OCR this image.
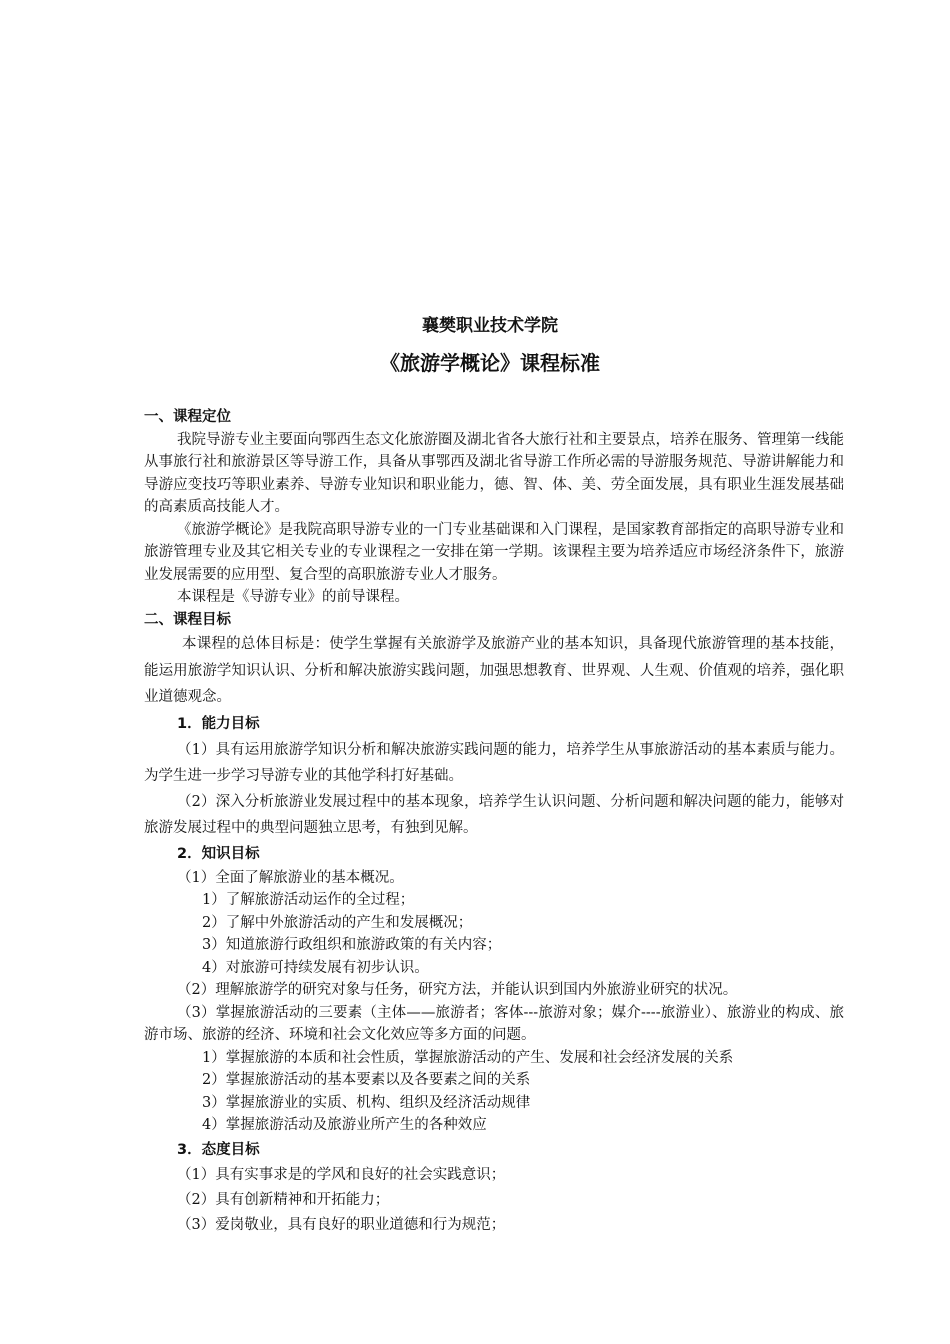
襄樊职业技术学院
《旅游学概论》课程标准

一、课程定位

我院导游专业主要面向鄂西生态文化旅游圈及湖北省各大旅行社和主要景点，培养在服务、管理第一线能从事旅行社和旅游景区等导游工作，具备从事鄂西及湖北省导游工作所必需的导游服务规范、导游讲解能力和导游应变技巧等职业素养、导游专业知识和职业能力，德、智、体、美、劳全面发展，具有职业生涯发展基础的高素质高技能人才。

《旅游学概论》是我院高职导游专业的一门专业基础课和入门课程，是国家教育部指定的高职导游专业和旅游管理专业及其它相关专业的专业课程之一安排在第一学期。该课程主要为培养适应市场经济条件下，旅游业发展需要的应用型、复合型的高职旅游专业人才服务。

本课程是《导游专业》的前导课程。

二、课程目标

本课程的总体目标是：使学生掌握有关旅游学及旅游产业的基本知识，具备现代旅游管理的基本技能，能运用旅游学知识认识、分析和解决旅游实践问题，加强思想教育、世界观、人生观、价值观的培养，强化职业道德观念。

1．能力目标

（1）具有运用旅游学知识分析和解决旅游实践问题的能力，培养学生从事旅游活动的基本素质与能力。为学生进一步学习导游专业的其他学科打好基础。

（2）深入分析旅游业发展过程中的基本现象，培养学生认识问题、分析问题和解决问题的能力，能够对旅游发展过程中的典型问题独立思考，有独到见解。

2．知识目标

（1）全面了解旅游业的基本概况。

1）了解旅游活动运作的全过程；

2）了解中外旅游活动的产生和发展概况；

3）知道旅游行政组织和旅游政策的有关内容；

4）对旅游可持续发展有初步认识。

（2）理解旅游学的研究对象与任务，研究方法，并能认识到国内外旅游业研究的状况。

（3）掌握旅游活动的三要素（主体——旅游者；客体---旅游对象；媒介----旅游业）、旅游业的构成、旅游市场、旅游的经济、环境和社会文化效应等多方面的问题。

1）掌握旅游的本质和社会性质，掌握旅游活动的产生、发展和社会经济发展的关系

2）掌握旅游活动的基本要素以及各要素之间的关系

3）掌握旅游业的实质、机构、组织及经济活动规律

4）掌握旅游活动及旅游业所产生的各种效应

3．态度目标

（1）具有实事求是的学风和良好的社会实践意识；

（2）具有创新精神和开拓能力；

（3）爱岗敬业，具有良好的职业道德和行为规范；
